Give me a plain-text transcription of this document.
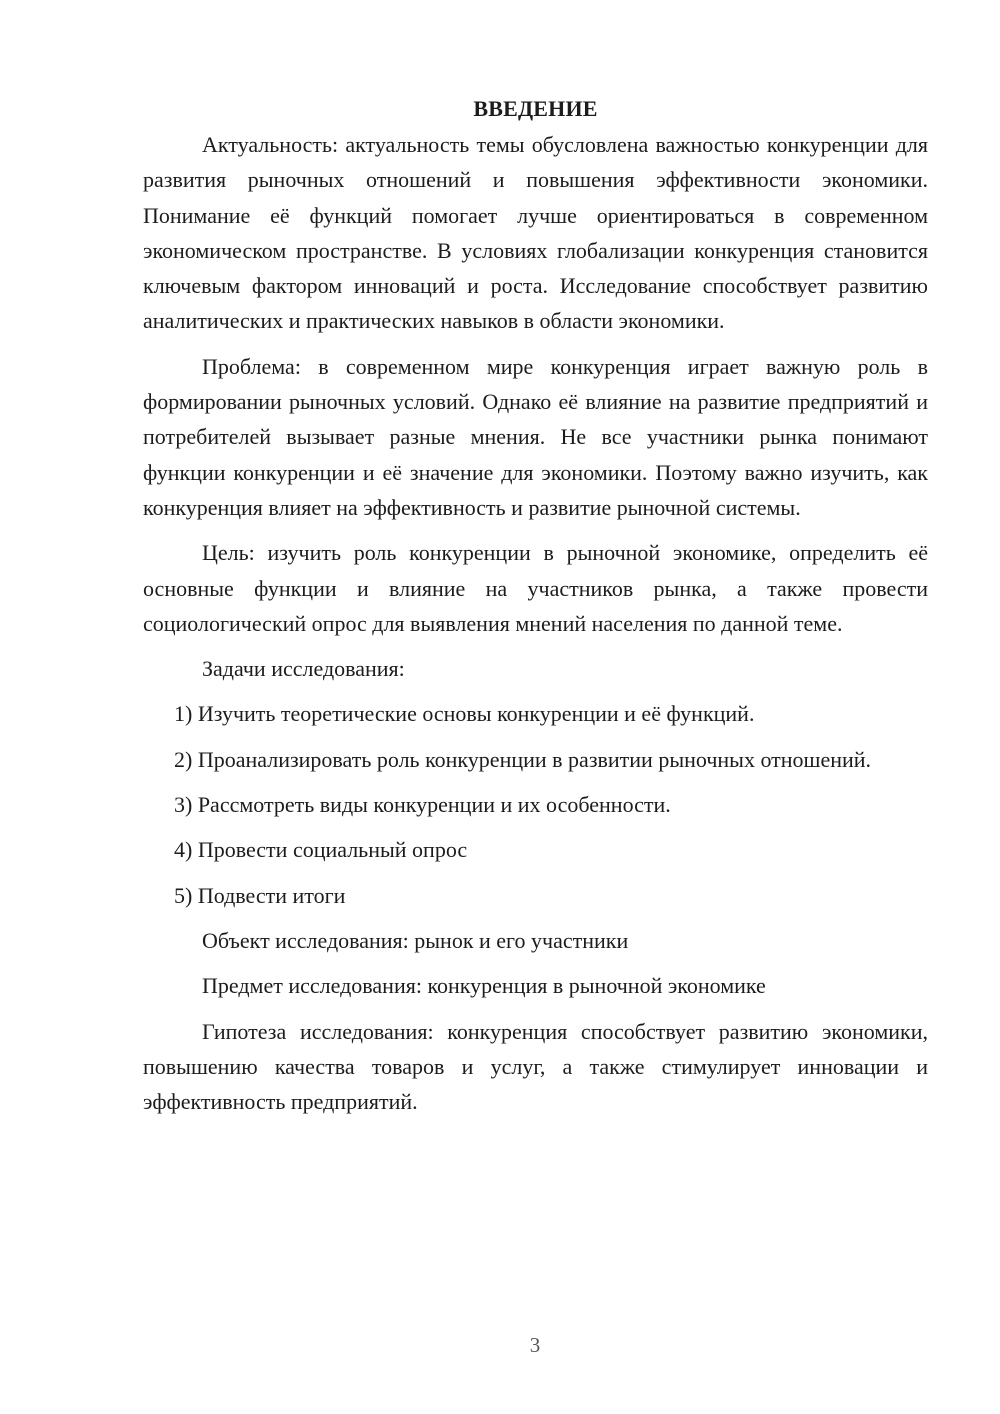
ВВЕДЕНИЕ

Актуальность: актуальность темы обусловлена важностью конкуренции для развития рыночных отношений и повышения эффективности экономики. Понимание её функций помогает лучше ориентироваться в современном экономическом пространстве. В условиях глобализации конкуренция становится ключевым фактором инноваций и роста. Исследование способствует развитию аналитических и практических навыков в области экономики.

Проблема: в современном мире конкуренция играет важную роль в формировании рыночных условий. Однако её влияние на развитие предприятий и потребителей вызывает разные мнения. Не все участники рынка понимают функции конкуренции и её значение для экономики. Поэтому важно изучить, как конкуренция влияет на эффективность и развитие рыночной системы.

Цель: изучить роль конкуренции в рыночной экономике, определить её основные функции и влияние на участников рынка, а также провести социологический опрос для выявления мнений населения по данной теме.

Задачи исследования:

1) Изучить теоретические основы конкуренции и её функций.

2) Проанализировать роль конкуренции в развитии рыночных отношений.

3) Рассмотреть виды конкуренции и их особенности.

4) Провести социальный опрос

5) Подвести итоги

Объект исследования: рынок и его участники

Предмет исследования: конкуренция в рыночной экономике

Гипотеза исследования: конкуренция способствует развитию экономики, повышению качества товаров и услуг, а также стимулирует инновации и эффективность предприятий.

3
